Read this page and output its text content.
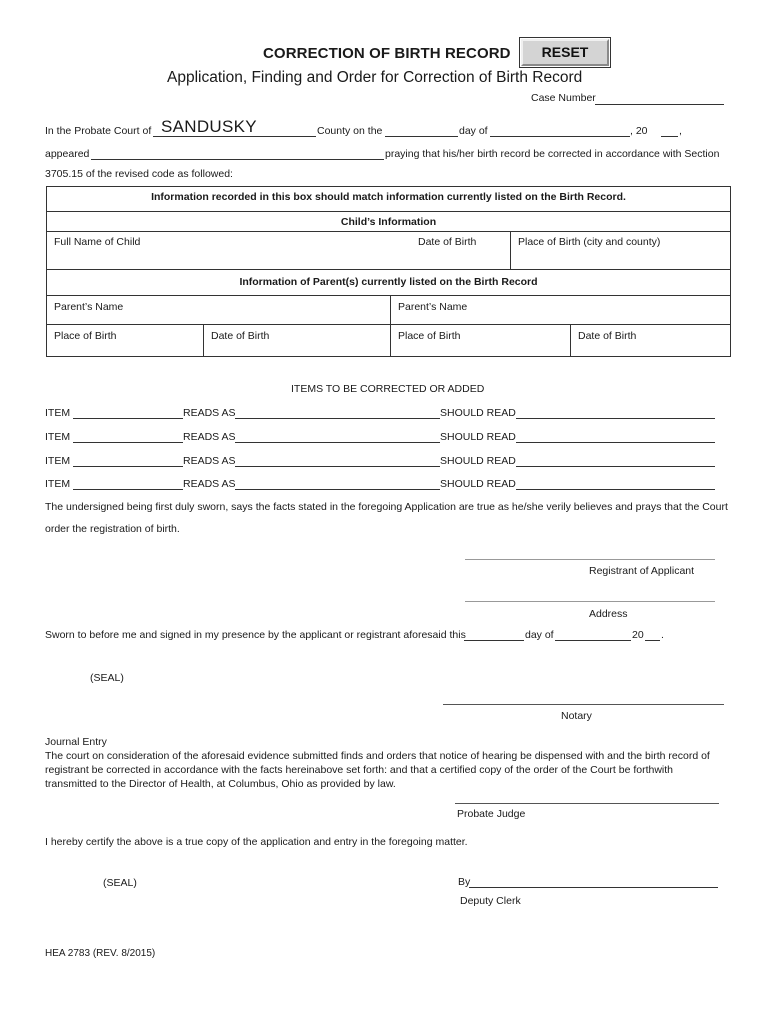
CORRECTION OF BIRTH RECORD	RESET
Application, Finding and Order for Correction of Birth Record
Case Number
In the Probate Court of SANDUSKY	County on the	day of	, 20	,
appeared	praying that his/her birth record be corrected in accordance with Section
3705.15 of the revised code as followed:
Information recorded in this box should match information currently listed on the Birth Record.
Child’s Information
Full Name of Child	Date of Birth	Place of Birth (city and county)
Information of Parent(s) currently listed on the Birth Record
Parent’s Name	Parent’s Name
Place of Birth	Date of Birth	Place of Birth	Date of Birth
ITEMS TO BE CORRECTED OR ADDED
ITEM	READS AS	SHOULD READ
ITEM	READS AS	SHOULD READ
ITEM	READS AS	SHOULD READ
ITEM	READS AS	SHOULD READ
The undersigned being first duly sworn, says the facts stated in the foregoing Application are true as he/she verily believes and prays that the Court
order the registration of birth.
Registrant of Applicant
Address
Sworn to before me and signed in my presence by the applicant or registrant aforesaid this	day of	20 .
(SEAL)
Notary
Journal Entry
The court on consideration of the aforesaid evidence submitted finds and orders that notice of hearing be dispensed with and the birth record of
registrant be corrected in accordance with the facts hereinabove set forth: and that a certified copy of the order of the Court be forthwith
transmitted to the Director of Health, at Columbus, Ohio as provided by law.
Probate Judge
I hereby certify the above is a true copy of the application and entry in the foregoing matter.
(SEAL)	By
Deputy Clerk
HEA 2783 (REV. 8/2015)
